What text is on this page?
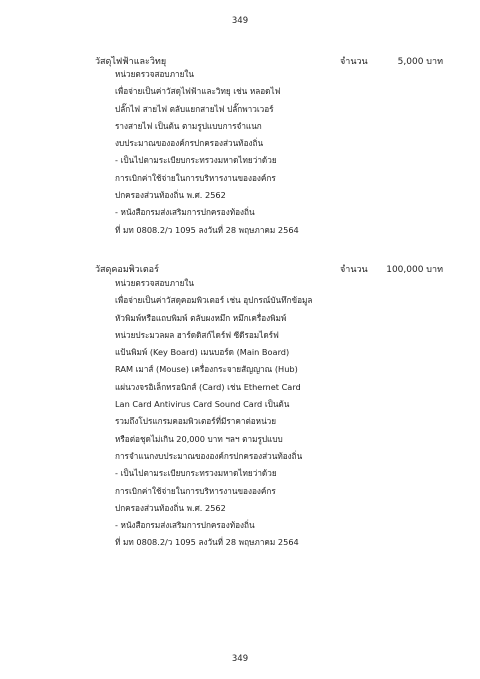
349
วัสดุไฟฟ้าและวิทยุ	จำนวน	5,000 บาท
หน่วยตรวจสอบภายใน
เพื่อจ่ายเป็นค่าวัสดุไฟฟ้าและวิทยุ เช่น หลอดไฟ
ปลั๊กไฟ สายไฟ ตลับแยกสายไฟ ปลั๊กพาวเวอร์
รางสายไฟ เป็นต้น ตามรูปแบบการจำแนก
งบประมาณขององค์กรปกครองส่วนท้องถิ่น
- เป็นไปตามระเบียบกระทรวงมหาดไทยว่าด้วย
การเบิกค่าใช้จ่ายในการบริหารงานขององค์กร
ปกครองส่วนท้องถิ่น พ.ศ. 2562
- หนังสือกรมส่งเสริมการปกครองท้องถิ่น
ที่ มท 0808.2/ว 1095 ลงวันที่ 28 พฤษภาคม 2564
วัสดุคอมพิวเตอร์	จำนวน 100,000 บาท
หน่วยตรวจสอบภายใน
เพื่อจ่ายเป็นค่าวัสดุคอมพิวเตอร์ เช่น อุปกรณ์บันทึกข้อมูล
หัวพิมพ์หรือแถบพิมพ์ ตลับผงหมึก หมึกเครื่องพิมพ์
หน่วยประมวลผล ฮาร์ดดิสก์ไดร์ฟ ซีดีรอมไดร์ฟ
แป้นพิมพ์ (Key Board) เมนบอร์ด (Main Board)
RAM เมาส์ (Mouse) เครื่องกระจายสัญญาณ (Hub)
แผ่นวงจรอิเล็กทรอนิกส์ (Card) เช่น Ethernet Card
Lan Card Antivirus Card Sound Card เป็นต้น
รวมถึงโปรแกรมคอมพิวเตอร์ที่มีราคาต่อหน่วย
หรือต่อชุดไม่เกิน 20,000 บาท ฯลฯ ตามรูปแบบ
การจำแนกงบประมาณขององค์กรปกครองส่วนท้องถิ่น
- เป็นไปตามระเบียบกระทรวงมหาดไทยว่าด้วย
การเบิกค่าใช้จ่ายในการบริหารงานขององค์กร
ปกครองส่วนท้องถิ่น พ.ศ. 2562
- หนังสือกรมส่งเสริมการปกครองท้องถิ่น
ที่ มท 0808.2/ว 1095 ลงวันที่ 28 พฤษภาคม 2564
349
